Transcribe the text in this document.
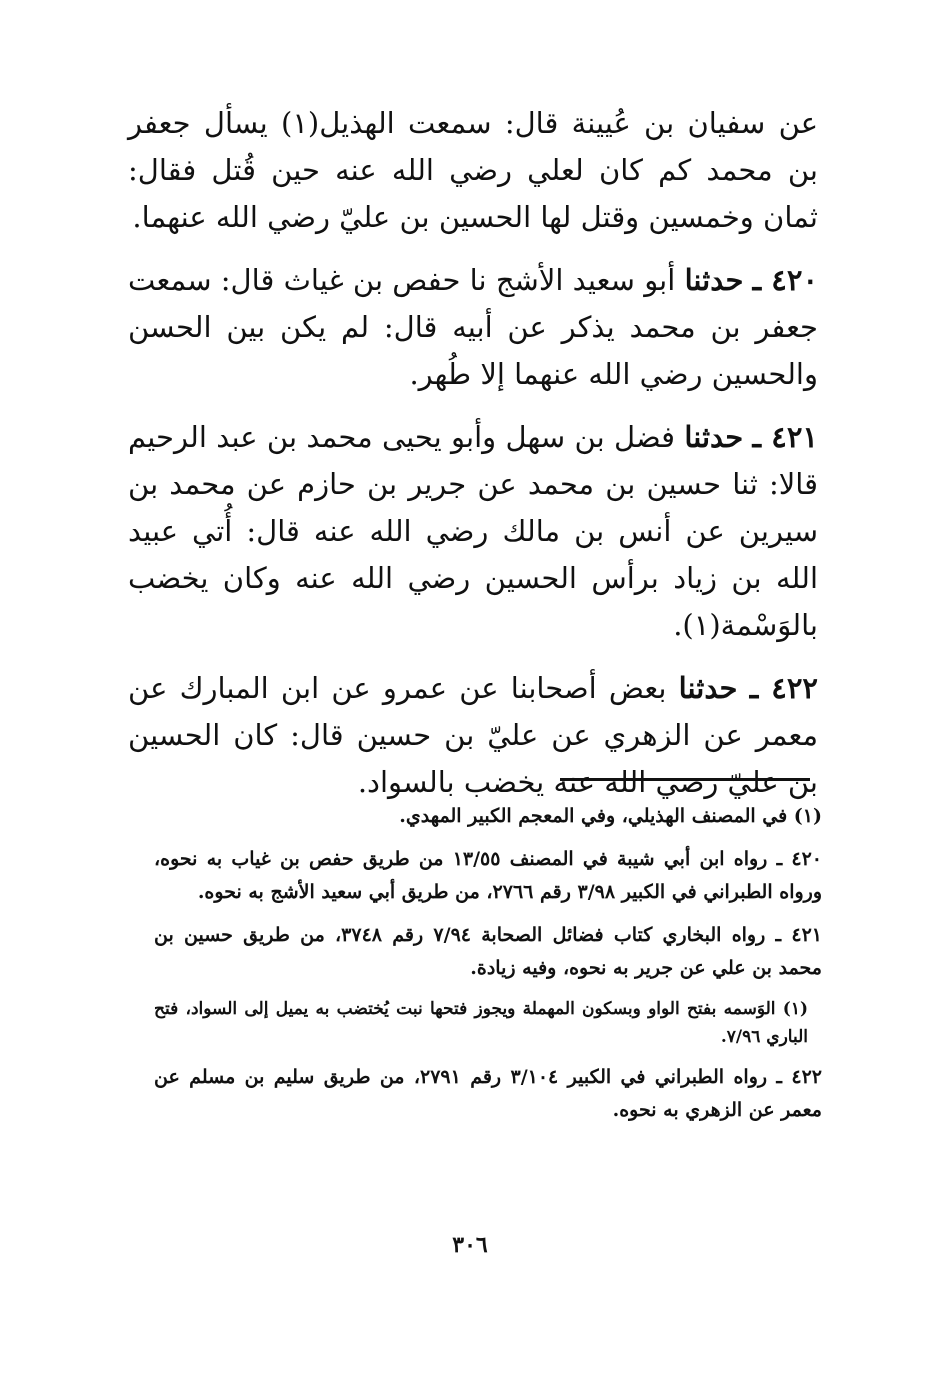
عن سفيان بن عُيينة قال: سمعت الهذيل(١) يسأل جعفر بن محمد كم كان لعلي رضي الله عنه حين قُتل فقال: ثمان وخمسين وقتل لها الحسين بن عليّ رضي الله عنهما.

٤٢٠ ـ حدثنا أبو سعيد الأشج نا حفص بن غياث قال: سمعت جعفر بن محمد يذكر عن أبيه قال: لم يكن بين الحسن والحسين رضي الله عنهما إلا طُهر.

٤٢١ ـ حدثنا فضل بن سهل وأبو يحيى محمد بن عبد الرحيم قالا: ثنا حسين بن محمد عن جرير بن حازم عن محمد بن سيرين عن أنس بن مالك رضي الله عنه قال: أُتي عبيد الله بن زياد برأس الحسين رضي الله عنه وكان يخضب بالوَسْمة(١).

٤٢٢ ـ حدثنا بعض أصحابنا عن عمرو عن ابن المبارك عن معمر عن الزهري عن عليّ بن حسين قال: كان الحسين بن عليّ رضي الله عنه يخضب بالسواد.

(١) في المصنف الهذيلي، وفي المعجم الكبير المهدي.

٤٢٠ ـ رواه ابن أبي شيبة في المصنف ١٣/٥٥ من طريق حفص بن غياب به نحوه، ورواه الطبراني في الكبير ٣/٩٨ رقم ٢٧٦٦، من طريق أبي سعيد الأشج به نحوه.

٤٢١ ـ رواه البخاري كتاب فضائل الصحابة ٧/٩٤ رقم ٣٧٤٨، من طريق حسين بن محمد بن علي عن جرير به نحوه، وفيه زيادة.

(١) الوَسمه بفتح الواو وبسكون المهملة ويجوز فتحها نبت يُختضب به يميل إلى السواد، فتح الباري ٧/٩٦.

٤٢٢ ـ رواه الطبراني في الكبير ٣/١٠٤ رقم ٢٧٩١، من طريق سليم بن مسلم عن معمر عن الزهري به نحوه.

٣٠٦
